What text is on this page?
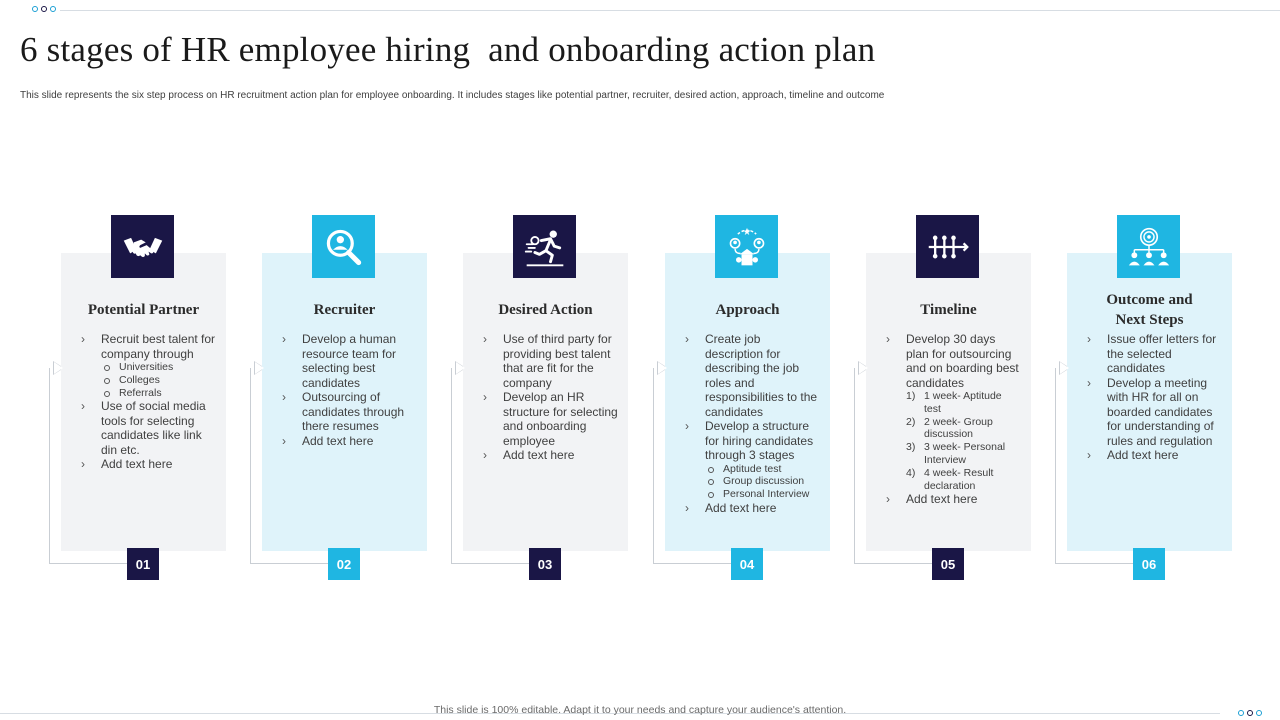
6 stages of HR employee hiring  and onboarding action plan
This slide represents the six step process on HR recruitment action plan for employee onboarding. It includes stages like potential partner, recruiter, desired action, approach, timeline and outcome
Potential Partner
› Recruit best talent for company through
Universities
Colleges
Referrals
› Use of social media tools for selecting candidates like link din etc.
› Add text here
01
Recruiter
› Develop a human resource team for selecting best candidates
› Outsourcing of candidates through there resumes
› Add text here
02
Desired Action
› Use of third party for providing best talent that are fit for the company
› Develop an HR structure for selecting and onboarding employee
› Add text here
03
Approach
› Create job description for describing the job roles and responsibilities to the candidates
› Develop a structure for hiring candidates through 3 stages
Aptitude test
Group discussion
Personal Interview
› Add text here
04
Timeline
› Develop 30 days plan for outsourcing and on boarding best candidates
1) 1 week- Aptitude test
2) 2 week- Group discussion
3) 3 week- Personal Interview
4) 4 week- Result declaration
› Add text here
05
Outcome and Next Steps
› Issue offer letters for the selected candidates
› Develop a meeting with HR for all on boarded candidates for understanding of rules and regulation
› Add text here
06
This slide is 100% editable. Adapt it to your needs and capture your audience's attention.
